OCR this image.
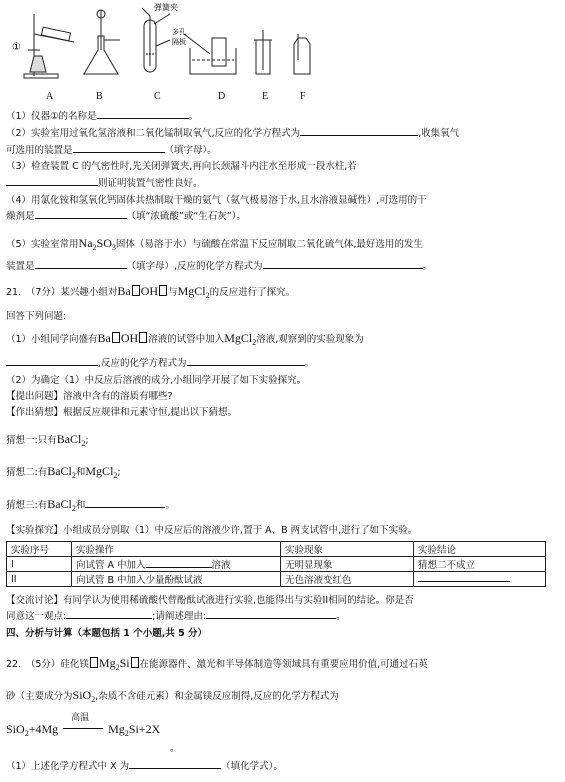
①
弹簧夹
多孔
隔板
A	B	C	D	E	F
（1）仪器①的名称是	。
（2）实验室用过氧化氢溶液和二氧化锰制取氧气,反应的化学方程式为	,收集氧气
可选用的装置是	（填字母）。
（3）检查装置 C 的气密性时,先关闭弹簧夹,再向长颈漏斗内注水至形成一段水柱,若
则证明装置气密性良好。
（4）用氯化铵和氢氧化钙固体共热制取干燥的氨气（氨气极易溶于水,且水溶液显碱性）,可选用的干
燥剂是	（填“浓硫酸”或“生石灰”）。
（5）实验室常用$Na_2SO_3$固体（易溶于水）与硫酸在常温下反应制取二氧化硫气体,最好选用的发生
装置是	（填字母）,反应的化学方程式为	。
21.　（7分）某兴趣小组对Ba OH 与MgCl$_2$的反应进行了探究。
回答下列问题:
（1）小组同学向盛有Ba OH 溶液的试管中加入MgCl$_2$溶液,观察到的实验现象为
,反应的化学方程式为	。
（2）为确定（1）中反应后溶液的成分,小组同学开展了如下实验探究。
【提出问题】溶液中含有的溶质有哪些?
【作出猜想】根据反应规律和元素守恒,提出以下猜想。
猜想一:只有BaCl$_2$;
猜想二:有BaCl$_2$和MgCl$_2$;
猜想三:有BaCl$_2$和	。
【实验探究】小组成员分别取（1）中反应后的溶液少许,置于 A、B 两支试管中,进行了如下实验。
实验序号	实验操作	实验现象	实验结论
I	向试管 A 中加入 溶液	无明显现象	猜想二不成立
II	向试管 B 中加入少量酚酞试液	无色溶液变红色	
【交流讨论】有同学认为使用稀硫酸代替酚酞试液进行实验,也能得出与实验II相同的结论。你是否
同意这一观点:	;请阐述理由:	。
四、分析与计算（本题包括 1 个小题,共 5 分）
22.　（5分）硅化镁 $Mg_2Si$ 在能源器件、激光和半导体制造等领域具有重要应用价值,可通过石英
砂（主要成分为SiO$_2$,杂质不含硅元素）和金属镁反应制得,反应的化学方程式为
SiO$_2$+4Mg
高温
$Mg_2Si+2X$
。
（1）上述化学方程式中 X 为	（填化学式）。
